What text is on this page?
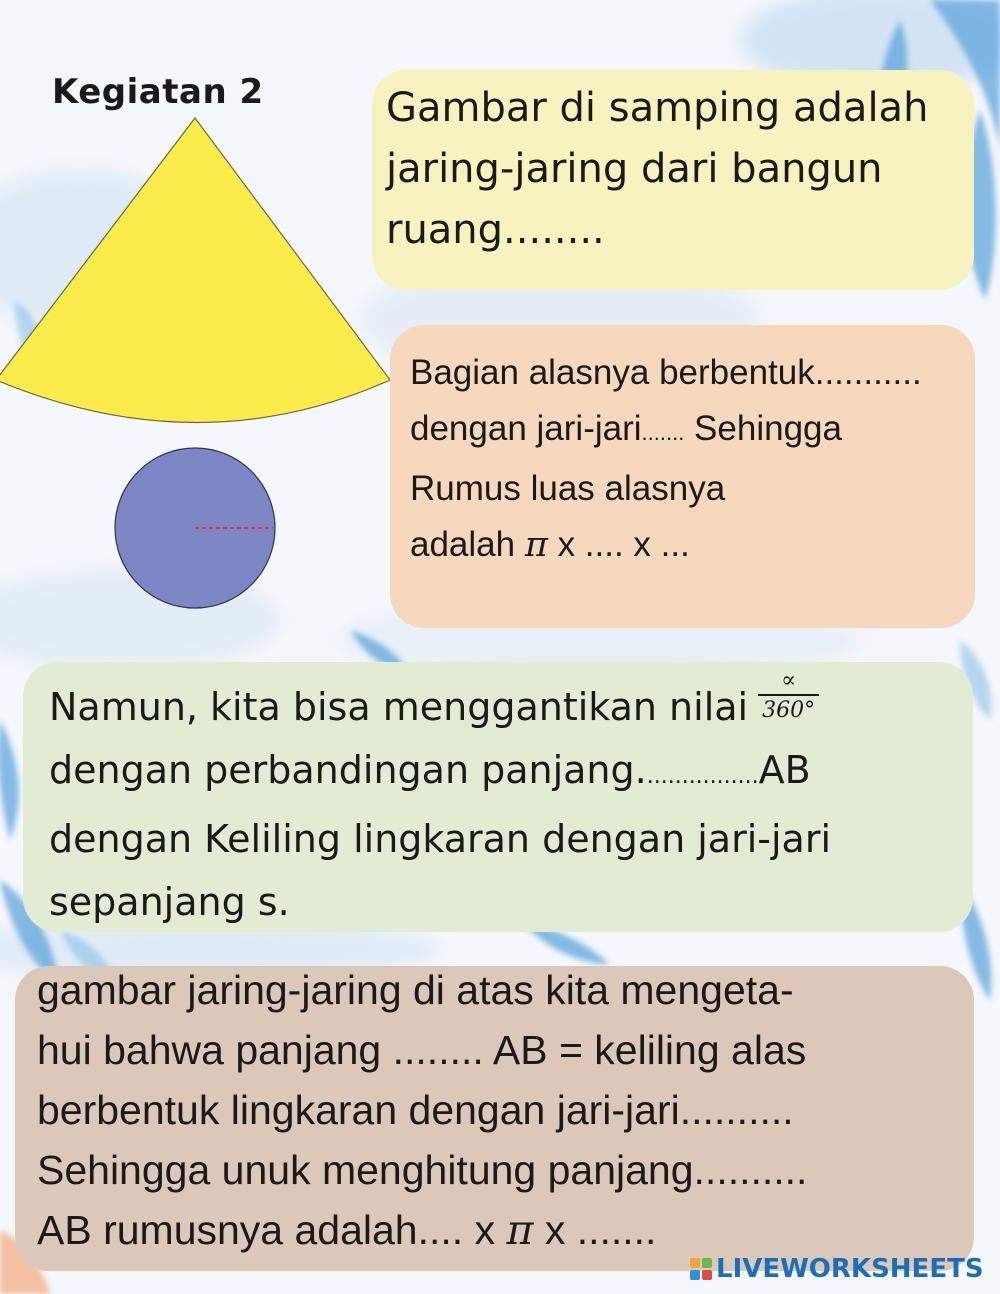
Kegiatan 2	Gambar di samping adalah
jaring-jaring dari bangun
ruang........
Bagian alasnya berbentuk...........
dengan jari-jari....... Sehingga
Rumus luas alasnya
adalah π x .... x ...
Namun, kita bisa menggantikan nilai $\frac{\propto}{360^\circ}$
dengan perbandingan panjang.................AB
dengan Keliling lingkaran dengan jari-jari
sepanjang s.
gambar jaring-jaring di atas kita mengeta-
hui bahwa panjang ........ AB = keliling alas
berbentuk lingkaran dengan jari-jari..........
Sehingga unuk menghitung panjang..........
AB rumusnya adalah.... x π x .......
LIVEWORKSHEETS
